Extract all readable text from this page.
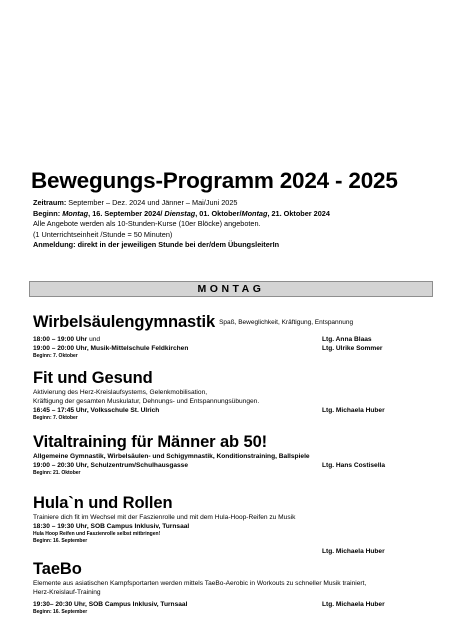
Bewegungs-Programm 2024 - 2025
Zeitraum: September – Dez. 2024 und Jänner – Mai/Juni 2025
Beginn: Montag, 16. September 2024/ Dienstag, 01. Oktober/Montag, 21. Oktober 2024
Alle Angebote werden als 10-Stunden-Kurse (10er Blöcke) angeboten.
(1 Unterrichtseinheit /Stunde = 50 Minuten)
Anmeldung: direkt in der jeweiligen Stunde bei der/dem ÜbungsleiterIn
MONTAG
Wirbelsäulengymnastik Spaß, Beweglichkeit, Kräftigung, Entspannung
18:00 – 19:00 Uhr und	Ltg. Anna Blaas
19:00 – 20:00 Uhr, Musik-Mittelschule Feldkirchen	Ltg. Ulrike Sommer
Beginn: 7. Oktober
Fit und Gesund
Aktivierung des Herz-Kreislaufsystems, Gelenkmobilisation,
Kräftigung der gesamten Muskulatur, Dehnungs- und Entspannungsübungen.
16:45 – 17:45 Uhr, Volksschule St. Ulrich	Ltg. Michaela Huber
Beginn: 7. Oktober
Vitaltraining für Männer ab 50!
Allgemeine Gymnastik, Wirbelsäulen- und Schigymnastik, Konditionstraining, Ballspiele
19:00 – 20:30 Uhr, Schulzentrum/Schulhausgasse	Ltg. Hans Costisella
Beginn: 21. Oktober
Hula`n und Rollen
Trainiere dich fit im Wechsel mit der Faszienrolle und mit dem Hula-Hoop-Reifen zu Musik
18:30 – 19:30 Uhr, SOB Campus Inklusiv, Turnsaal
Hula Hoop Reifen und Faszienrolle selbst mitbringen!
Beginn: 16. September
Ltg. Michaela Huber
TaeBo
Elemente aus asiatischen Kampfsportarten werden mittels TaeBo-Aerobic in Workouts zu schneller Musik trainiert,
Herz-Kreislauf-Training
19:30– 20:30 Uhr, SOB Campus Inklusiv, Turnsaal	Ltg. Michaela Huber
Beginn: 16. September
